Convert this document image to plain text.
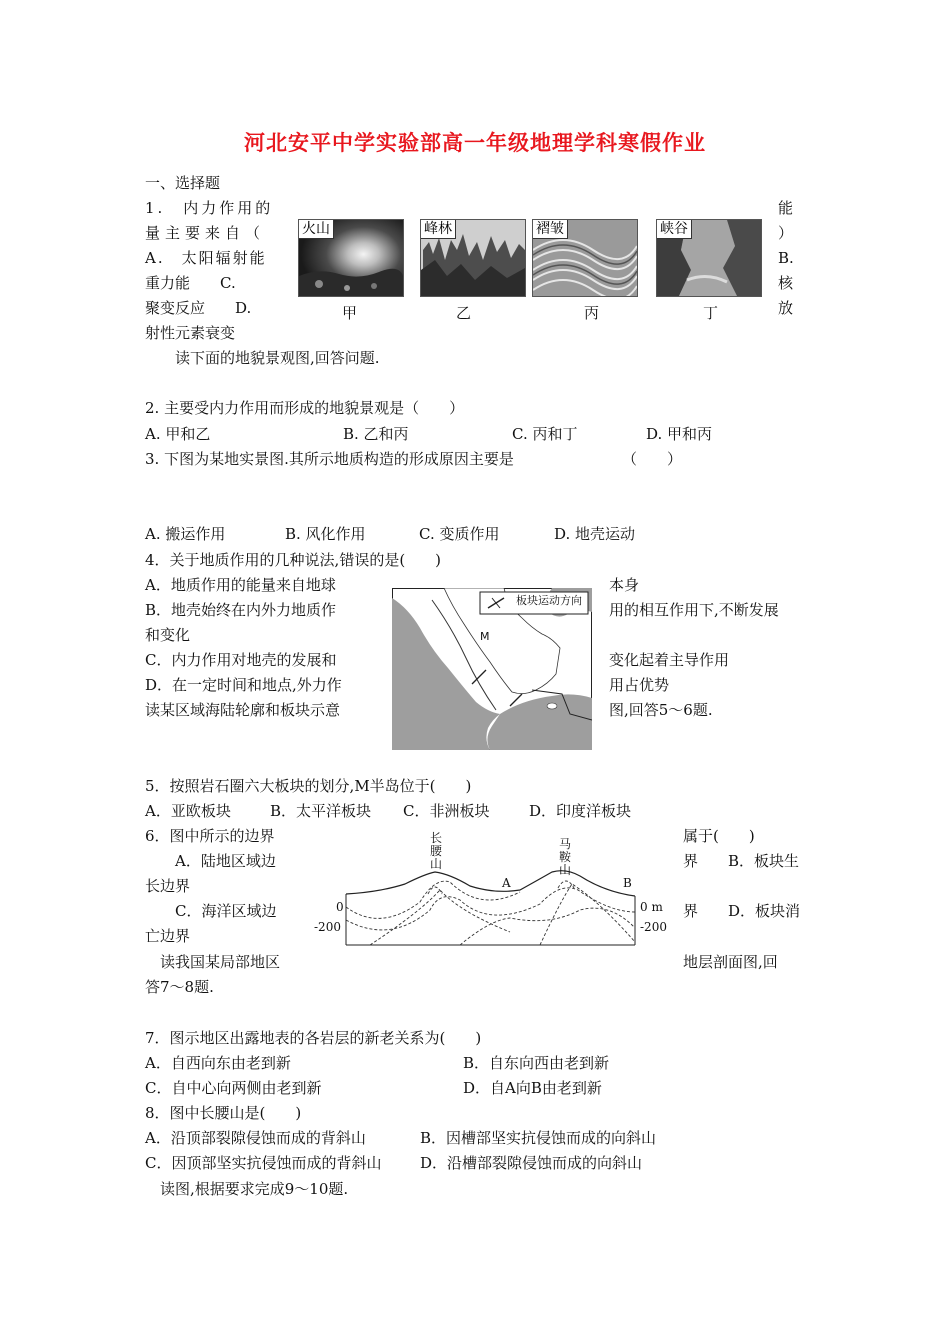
河北安平中学实验部高一年级地理学科寒假作业
一、选择题
1.　内力作用的	能
量主要来自（	）
A.　太阳辐射能	B.
重力能　　C.	核
聚变反应　　D.	放
射性元素衰变
火山	峰林	褶皱	峡谷
甲	乙	丙	丁
读下面的地貌景观图,回答问题.
2. 主要受内力作用而形成的地貌景观是（　　）
A. 甲和乙	B. 乙和丙	C. 丙和丁	D. 甲和丙
3. 下图为某地实景图.其所示地质构造的形成原因主要是	（　　）
A. 搬运作用	B. 风化作用	C. 变质作用	D. 地壳运动
4．关于地质作用的几种说法,错误的是(　　)
A．地质作用的能量来自地球	本身
B．地壳始终在内外力地质作	用的相互作用下,不断发展
和变化
C．内力作用对地壳的发展和	变化起着主导作用
D．在一定时间和地点,外力作	用占优势
读某区域海陆轮廓和板块示意	图,回答5～6题.
板块运动方向
M
5．按照岩石圈六大板块的划分,M半岛位于(　　)
A．亚欧板块	B．太平洋板块 C．非洲板块	D．印度洋板块
6．图中所示的边界	属于(　　)
A．陆地区域边	界　　B．板块生
长边界
C．海洋区域边	界　　D．板块消
亡边界
读我国某局部地区	地层剖面图,回
答7～8题.
长
腰
山
马
鞍
山
A	B
0
-200
0 m
-200
7．图示地区出露地表的各岩层的新老关系为(　　)
A．自西向东由老到新	B．自东向西由老到新
C．自中心向两侧由老到新	D．自A向B由老到新
8．图中长腰山是(　　)
A．沿顶部裂隙侵蚀而成的背斜山	B．因槽部坚实抗侵蚀而成的向斜山
C．因顶部坚实抗侵蚀而成的背斜山	D．沿槽部裂隙侵蚀而成的向斜山
读图,根据要求完成9～10题.
